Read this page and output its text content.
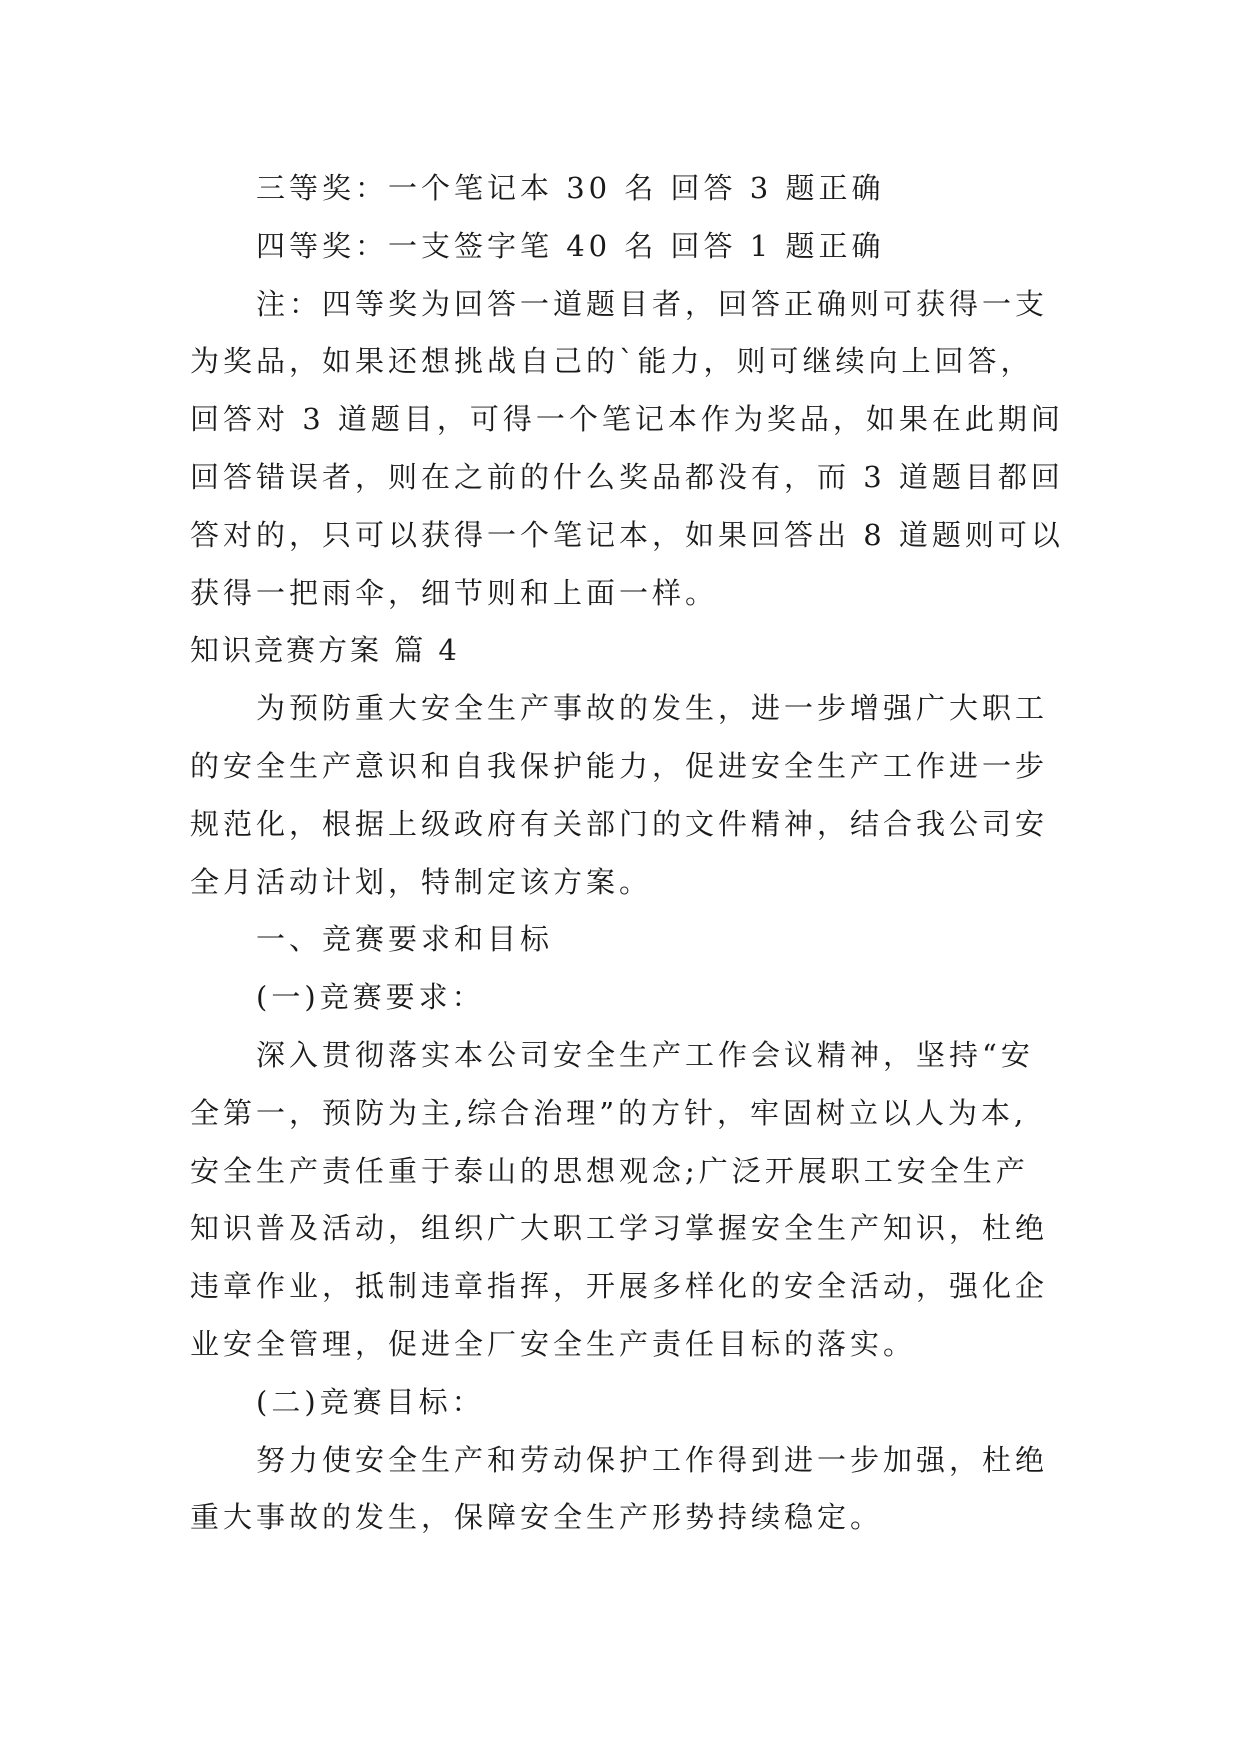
三等奖：一个笔记本 30 名 回答 3 题正确
四等奖：一支签字笔 40 名 回答 1 题正确
注：四等奖为回答一道题目者，回答正确则可获得一支
为奖品，如果还想挑战自己的`能力，则可继续向上回答，
回答对 3 道题目，可得一个笔记本作为奖品，如果在此期间
回答错误者，则在之前的什么奖品都没有，而 3 道题目都回
答对的，只可以获得一个笔记本，如果回答出 8 道题则可以
获得一把雨伞，细节则和上面一样。
知识竞赛方案 篇 4
为预防重大安全生产事故的发生，进一步增强广大职工
的安全生产意识和自我保护能力，促进安全生产工作进一步
规范化，根据上级政府有关部门的文件精神，结合我公司安
全月活动计划，特制定该方案。
一、竞赛要求和目标
(一)竞赛要求：
深入贯彻落实本公司安全生产工作会议精神，坚持“安
全第一，预防为主,综合治理”的方针，牢固树立以人为本,
安全生产责任重于泰山的思想观念;广泛开展职工安全生产
知识普及活动，组织广大职工学习掌握安全生产知识，杜绝
违章作业，抵制违章指挥，开展多样化的安全活动，强化企
业安全管理，促进全厂安全生产责任目标的落实。
(二)竞赛目标：
努力使安全生产和劳动保护工作得到进一步加强，杜绝
重大事故的发生，保障安全生产形势持续稳定。
